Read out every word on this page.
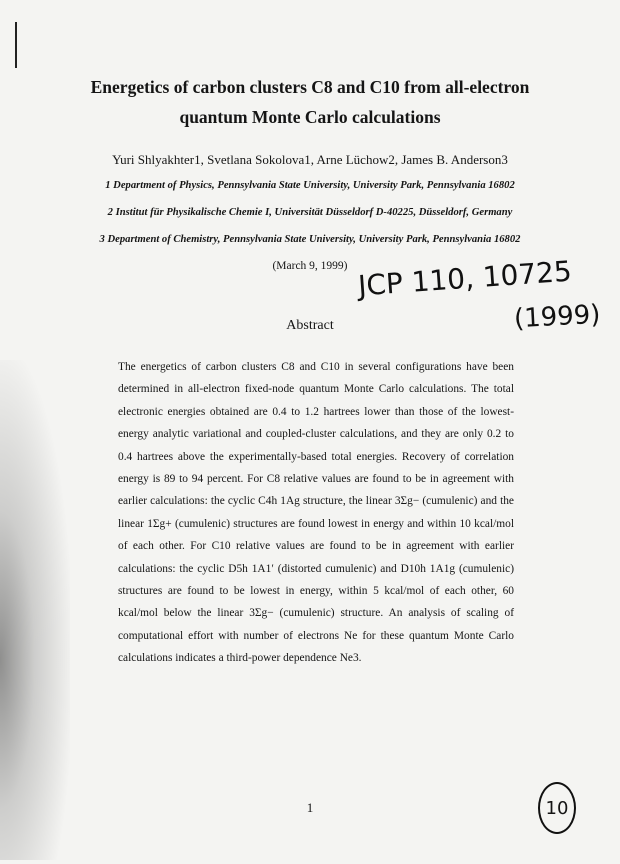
Energetics of carbon clusters C8 and C10 from all-electron
quantum Monte Carlo calculations
Yuri Shlyakhter1, Svetlana Sokolova1, Arne Lüchow2, James B. Anderson3
1 Department of Physics, Pennsylvania State University, University Park, Pennsylvania 16802
2 Institut für Physikalische Chemie I, Universität Düsseldorf D-40225, Düsseldorf, Germany
3 Department of Chemistry, Pennsylvania State University, University Park, Pennsylvania 16802
(March 9, 1999) JCP 110, 10725
(1999)
Abstract

The energetics of carbon clusters C8 and C10 in several configurations have been determined in all-electron fixed-node quantum Monte Carlo calculations. The total electronic energies obtained are 0.4 to 1.2 hartrees lower than those of the lowest-energy analytic variational and coupled-cluster calculations, and they are only 0.2 to 0.4 hartrees above the experimentally-based total energies. Recovery of correlation energy is 89 to 94 percent. For C8 relative values are found to be in agreement with earlier calculations: the cyclic C4h 1Ag structure, the linear 3Σg− (cumulenic) and the linear 1Σg+ (cumulenic) structures are found lowest in energy and within 10 kcal/mol of each other. For C10 relative values are found to be in agreement with earlier calculations: the cyclic D5h 1A1′ (distorted cumulenic) and D10h 1A1g (cumulenic) structures are found to be lowest in energy, within 5 kcal/mol of each other, 60 kcal/mol below the linear 3Σg− (cumulenic) structure. An analysis of scaling of computational effort with number of electrons Ne for these quantum Monte Carlo calculations indicates a third-power dependence Ne3.

1	10
